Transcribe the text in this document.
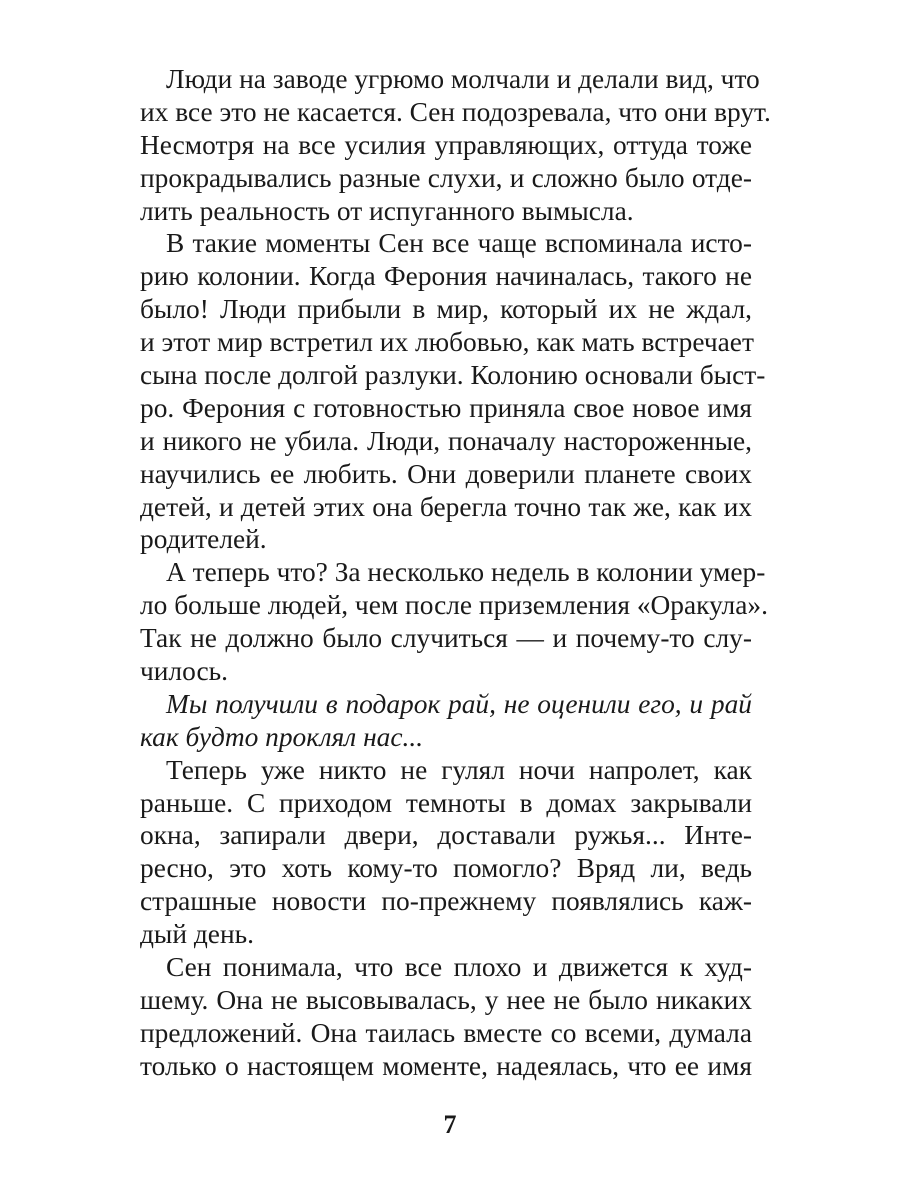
Люди на заводе угрюмо молчали и делали вид, что
их все это не касается. Сен подозревала, что они врут.
Несмотря на все усилия управляющих, оттуда тоже
прокрадывались разные слухи, и сложно было отде-
лить реальность от испуганного вымысла.
В такие моменты Сен все чаще вспоминала исто-
рию колонии. Когда Ферония начиналась, такого не
было! Люди прибыли в мир, который их не ждал,
и этот мир встретил их любовью, как мать встречает
сына после долгой разлуки. Колонию основали быст-
ро. Ферония с готовностью приняла свое новое имя
и никого не убила. Люди, поначалу настороженные,
научились ее любить. Они доверили планете своих
детей, и детей этих она берегла точно так же, как их
родителей.
А теперь что? За несколько недель в колонии умер-
ло больше людей, чем после приземления «Оракула».
Так не должно было случиться — и почему-то слу-
чилось.
Мы получили в подарок рай, не оценили его, и рай
как будто проклял нас...
Теперь уже никто не гулял ночи напролет, как
раньше. С приходом темноты в домах закрывали
окна, запирали двери, доставали ружья... Инте-
ресно, это хоть кому-то помогло? Вряд ли, ведь
страшные новости по-прежнему появлялись каж-
дый день.
Сен понимала, что все плохо и движется к худ-
шему. Она не высовывалась, у нее не было никаких
предложений. Она таилась вместе со всеми, думала
только о настоящем моменте, надеялась, что ее имя
7
